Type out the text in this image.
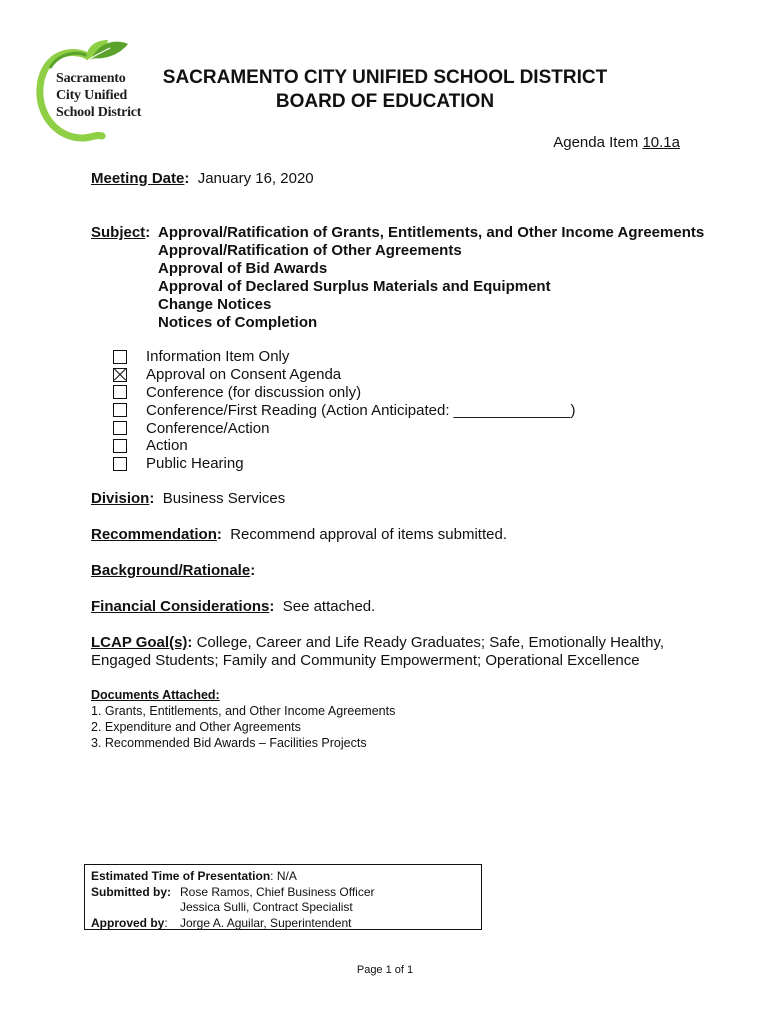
Sacramento
City Unified
School District
SACRAMENTO CITY UNIFIED SCHOOL DISTRICT
BOARD OF EDUCATION
Agenda Item 10.1a
Meeting Date: January 16, 2020
Subject: Approval/Ratification of Grants, Entitlements, and Other Income Agreements
Approval/Ratification of Other Agreements
Approval of Bid Awards
Approval of Declared Surplus Materials and Equipment
Change Notices
Notices of Completion
Information Item Only
Approval on Consent Agenda
Conference (for discussion only)
Conference/First Reading (Action Anticipated: ______________)
Conference/Action
Action
Public Hearing
Division: Business Services
Recommendation: Recommend approval of items submitted.
Background/Rationale:
Financial Considerations: See attached.
LCAP Goal(s): College, Career and Life Ready Graduates; Safe, Emotionally Healthy, Engaged Students; Family and Community Empowerment; Operational Excellence
Documents Attached:
1. Grants, Entitlements, and Other Income Agreements
2. Expenditure and Other Agreements
3. Recommended Bid Awards – Facilities Projects
Estimated Time of Presentation: N/A
Submitted by: Rose Ramos, Chief Business Officer
Jessica Sulli, Contract Specialist
Approved by: Jorge A. Aguilar, Superintendent
Page 1 of 1
